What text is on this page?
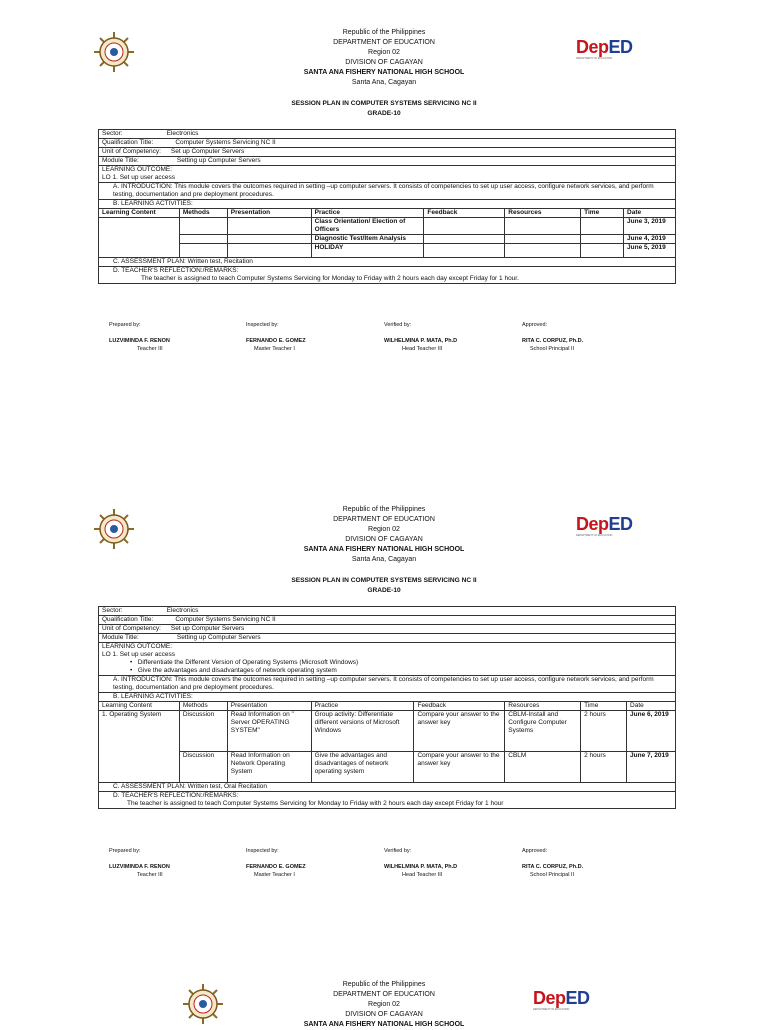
Republic of the Philippines
DEPARTMENT OF EDUCATION
Region 02
DIVISION OF CAGAYAN
SANTA ANA FISHERY NATIONAL HIGH SCHOOL
Santa Ana, Cagayan
DepED
DEPARTMENT OF EDUCATION
SESSION PLAN IN COMPUTER SYSTEMS SERVICING NC II
GRADE-10
Sector: Electronics							
Qualification Title: Computer Systems Servicing NC II							
Unit of Competency: Set up Computer Servers							
Module Title: Setting up Computer Servers							

LEARNING OUTCOME:
LO 1. Set up user access							

A. INTRODUCTION: This module covers the outcomes required in setting –up computer servers. It consists of competencies to set up user access, configure network services, and perform testing, documentation and pre deployment procedures.							
B. LEARNING ACTIVITIES:							
Learning Content	Methods	Presentation	Practice	Feedback	Resources	Time	Date
			Class Orientation/ Election of Officers				June 3, 2019
			Diagnostic Test/Item Analysis				June 4, 2019
			HOLIDAY				June 5, 2019
C. ASSESSMENT PLAN: Written test, Recitation							

D. TEACHER'S REFLECTION:/REMARKS:
The teacher is assigned to teach Computer Systems Servicing for Monday to Friday with 2 hours each day except Friday for 1 hour.							
Prepared by:
LUZVIMINDA F. RENON
Teacher III
Inspected by:
FERNANDO E. GOMEZ
Master Teacher I
Verified by:
WILHELMINA P. MATA, Ph.D
Head Teacher III
Approved:
RITA C. CORPUZ, Ph.D.
School Principal II
Republic of the Philippines
DEPARTMENT OF EDUCATION
Region 02
DIVISION OF CAGAYAN
SANTA ANA FISHERY NATIONAL HIGH SCHOOL
Santa Ana, Cagayan
DepED
DEPARTMENT OF EDUCATION
SESSION PLAN IN COMPUTER SYSTEMS SERVICING NC II
GRADE-10
Sector: Electronics							
Qualification Title: Computer Systems Servicing NC II							
Unit of Competency: Set up Computer Servers							
Module Title: Setting up Computer Servers							

LEARNING OUTCOME:
LO 1. Set up user access
•   Differentiate the Different Version of Operating Systems (Microsoft Windows)
•   Give the advantages and disadvantages of network operating system							

A. INTRODUCTION: This module covers the outcomes required in setting –up computer servers. It consists of competencies to set up user access, configure network services, and perform testing, documentation and pre deployment procedures.							
B. LEARNING ACTIVITIES:							
Learning Content	Methods	Presentation	Practice	Feedback	Resources	Time	Date
1. Operating System	Discussion	Read Information on " Server OPERATING SYSTEM"	Group activity: Differentiate different versions of Microsoft Windows	Compare your answer to the answer key	CBLM-Install and Configure Computer Systems	2 hours	June 6, 2019
	Discussion	Read Information on Network Operating System	Give the advantages and disadvantages of network operating system	Compare your answer to the answer key	CBLM	2 hours	June 7, 2019
C. ASSESSMENT PLAN: Written test, Oral Recitation							

D. TEACHER'S REFLECTION:/REMARKS:
The teacher is assigned to teach Computer Systems Servicing for Monday to Friday with 2 hours each day except Friday for 1 hour							
Prepared by:
LUZVIMINDA F. RENON
Teacher III
Inspected by:
FERNANDO E. GOMEZ
Master Teacher I
Verified by:
WILHELMINA P. MATA, Ph.D
Head Teacher III
Approved:
RITA C. CORPUZ, Ph.D.
School Principal II
Republic of the Philippines
DEPARTMENT OF EDUCATION
Region 02
DIVISION OF CAGAYAN
SANTA ANA FISHERY NATIONAL HIGH SCHOOL
DepED
DEPARTMENT OF EDUCATION
